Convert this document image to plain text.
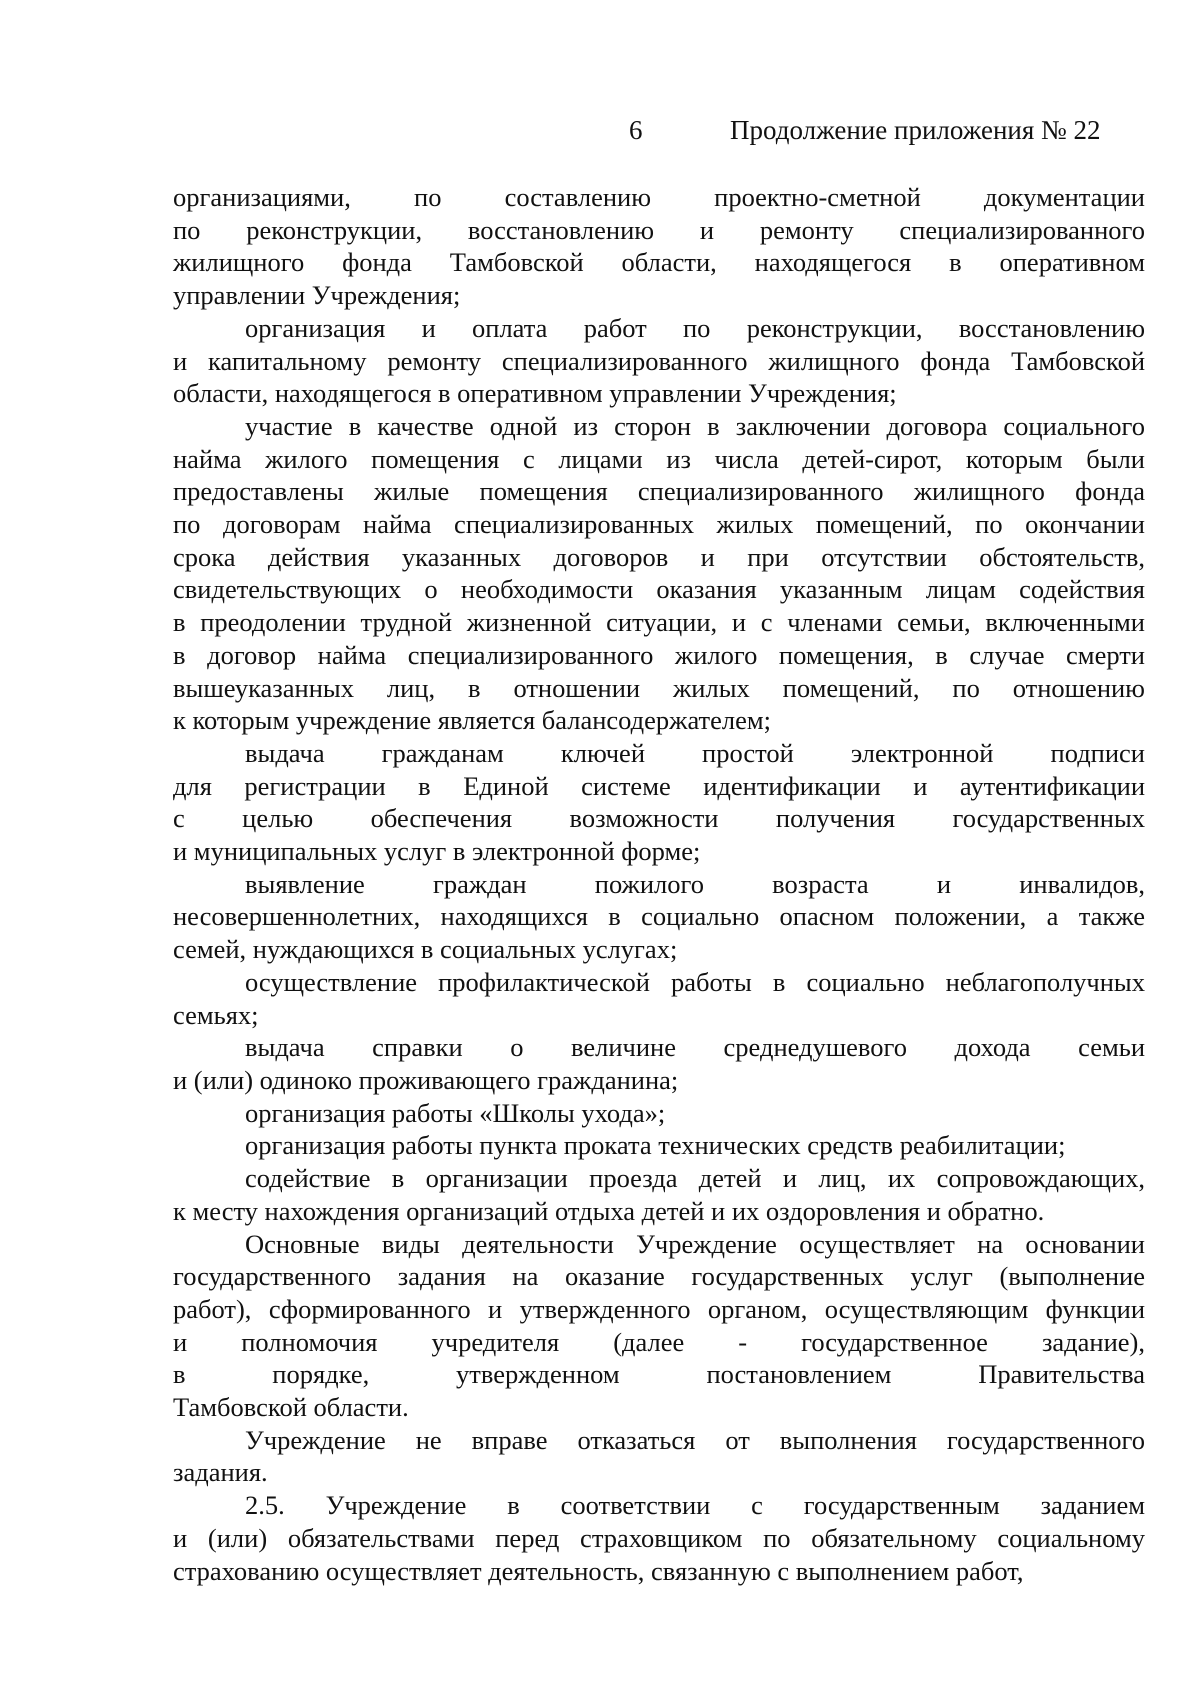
6	Продолжение приложения № 22
организациями, по составлению проектно-сметной документации
по реконструкции, восстановлению и ремонту специализированного
жилищного фонда Тамбовской области, находящегося в оперативном
управлении Учреждения;
организация и оплата работ по реконструкции, восстановлению
и капитальному ремонту специализированного жилищного фонда Тамбовской
области, находящегося в оперативном управлении Учреждения;
участие в качестве одной из сторон в заключении договора социального
найма жилого помещения с лицами из числа детей-сирот, которым были
предоставлены жилые помещения специализированного жилищного фонда
по договорам найма специализированных жилых помещений, по окончании
срока действия указанных договоров и при отсутствии обстоятельств,
свидетельствующих о необходимости оказания указанным лицам содействия
в преодолении трудной жизненной ситуации, и с членами семьи, включенными
в договор найма специализированного жилого помещения, в случае смерти
вышеуказанных лиц, в отношении жилых помещений, по отношению
к которым учреждение является балансодержателем;
выдача гражданам ключей простой электронной подписи
для регистрации в Единой системе идентификации и аутентификации
с целью обеспечения возможности получения государственных
и муниципальных услуг в электронной форме;
выявление граждан пожилого возраста и инвалидов,
несовершеннолетних, находящихся в социально опасном положении, а также
семей, нуждающихся в социальных услугах;
осуществление профилактической работы в социально неблагополучных
семьях;
выдача справки о величине среднедушевого дохода семьи
и (или) одиноко проживающего гражданина;
организация работы «Школы ухода»;
организация работы пункта проката технических средств реабилитации;
содействие в организации проезда детей и лиц, их сопровождающих,
к месту нахождения организаций отдыха детей и их оздоровления и обратно.
Основные виды деятельности Учреждение осуществляет на основании
государственного задания на оказание государственных услуг (выполнение
работ), сформированного и утвержденного органом, осуществляющим функции
и полномочия учредителя (далее - государственное задание),
в порядке, утвержденном постановлением Правительства
Тамбовской области.
Учреждение не вправе отказаться от выполнения государственного
задания.
2.5. Учреждение в соответствии с государственным заданием
и (или) обязательствами перед страховщиком по обязательному социальному
страхованию осуществляет деятельность, связанную с выполнением работ,
